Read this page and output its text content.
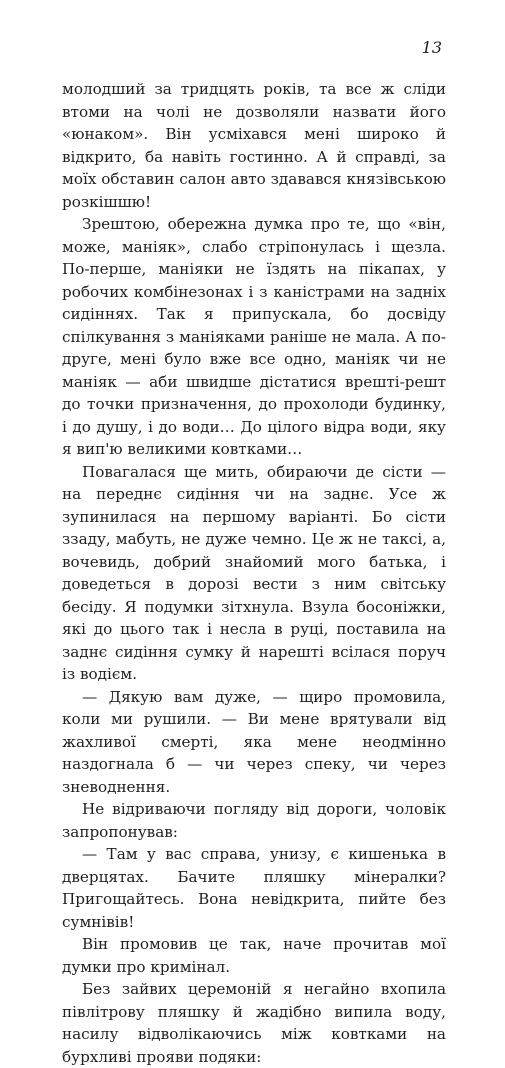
13

молодший за тридцять років, та все ж сліди втоми на чолі не дозволяли назвати його «юнаком». Він усміхався мені широко й відкрито, ба навіть гостинно. А й справді, за моїх обставин салон авто здавався князівською розкішшю!

Зрештою, обережна думка про те, що «він, може, маніяк», слабо стріпонулась і щезла. По-перше, маніяки не їздять на пікапах, у робочих комбінезонах і з каністрами на задніх сидіннях. Так я припускала, бо досвіду спілкування з маніяками раніше не мала. А по-друге, мені було вже все одно, маніяк чи не маніяк — аби швидше дістатися врешті-решт до точки призначення, до прохолоди будинку, і до душу, і до води… До цілого відра води, яку я вип'ю великими ковтками…

Повагалася ще мить, обираючи де сісти — на переднє сидіння чи на заднє. Усе ж зупинилася на першому варіанті. Бо сісти ззаду, мабуть, не дуже чемно. Це ж не таксі, а, вочевидь, добрий знайомий мого батька, і доведеться в дорозі вести з ним світську бесіду. Я подумки зітхнула. Взула босоніжки, які до цього так і несла в руці, поставила на заднє сидіння сумку й нарешті всілася поруч із водієм.

— Дякую вам дуже, — щиро промовила, коли ми рушили. — Ви мене врятували від жахливої смерті, яка мене неодмінно наздогнала б — чи через спеку, чи через зневоднення.

Не відриваючи погляду від дороги, чоловік запропонував:

— Там у вас справа, унизу, є кишенька в дверцятах. Бачите пляшку мінералки? Пригощайтесь. Вона невідкрита, пийте без сумнівів!

Він промовив це так, наче прочитав мої думки про кримінал.

Без зайвих церемоній я негайно вхопила півлітрову пляшку й жадібно випила воду, насилу відволікаючись між ковтками на бурхливі прояви подяки:
